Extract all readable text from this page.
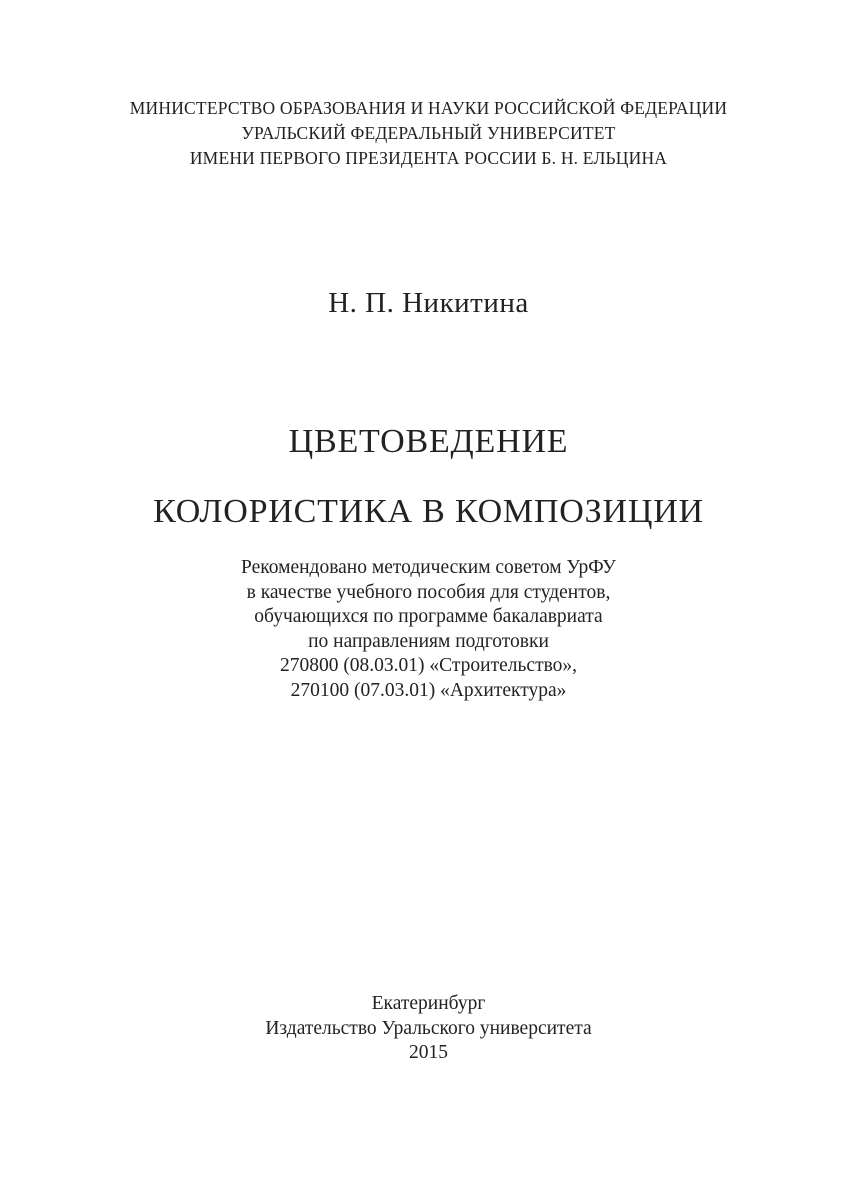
МИНИСТЕРСТВО ОБРАЗОВАНИЯ И НАУКИ РОССИЙСКОЙ ФЕДЕРАЦИИ
УРАЛЬСКИЙ ФЕДЕРАЛЬНЫЙ УНИВЕРСИТЕТ
ИМЕНИ ПЕРВОГО ПРЕЗИДЕНТА РОССИИ Б. Н. ЕЛЬЦИНА
Н. П. Никитина
ЦВЕТОВЕДЕНИЕ
КОЛОРИСТИКА В КОМПОЗИЦИИ
Рекомендовано методическим советом УрФУ
в качестве учебного пособия для студентов,
обучающихся по программе бакалавриата
по направлениям подготовки
270800 (08.03.01) «Строительство»,
270100 (07.03.01) «Архитектура»
Екатеринбург
Издательство Уральского университета
2015
